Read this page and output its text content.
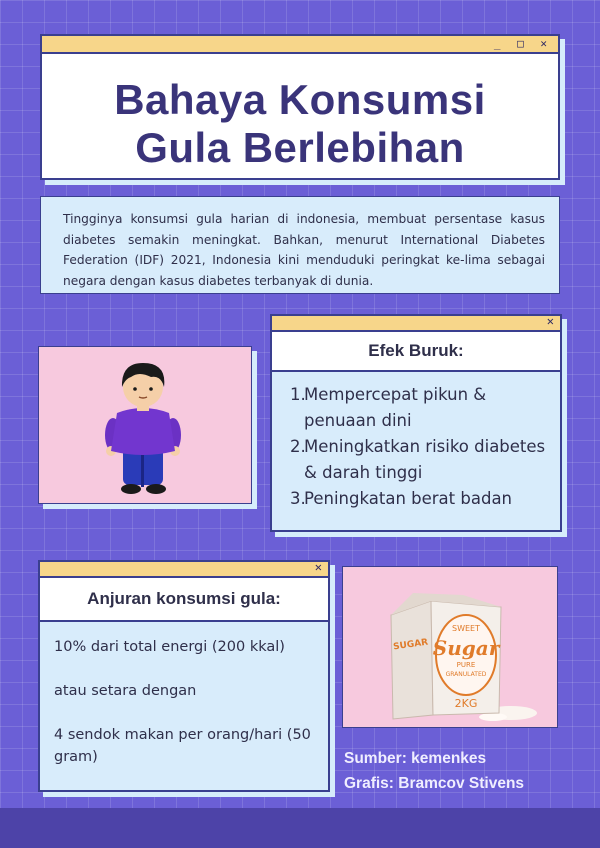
_ □ ✕
Bahaya Konsumsi
Gula Berlebihan

Tingginya konsumsi gula harian di indonesia, membuat persentase kasus diabetes semakin meningkat. Bahkan, menurut International Diabetes Federation (IDF) 2021, Indonesia kini menduduki peringkat ke-lima sebagai negara dengan kasus diabetes terbanyak di dunia.

✕
Efek Buruk:
1.
Mempercepat pikun & penuaan dini
2.
Meningkatkan risiko diabetes & darah tinggi
3.
Peningkatan berat badan
✕
Anjuran konsumsi gula:

10% dari total energi (200 kkal)

atau setara dengan

4 sendok makan per orang/hari (50 gram)

SWEET
Sugar
PURE
GRANULATED
SUGAR
2KG
Sumber: kemenkes
Grafis: Bramcov Stivens
